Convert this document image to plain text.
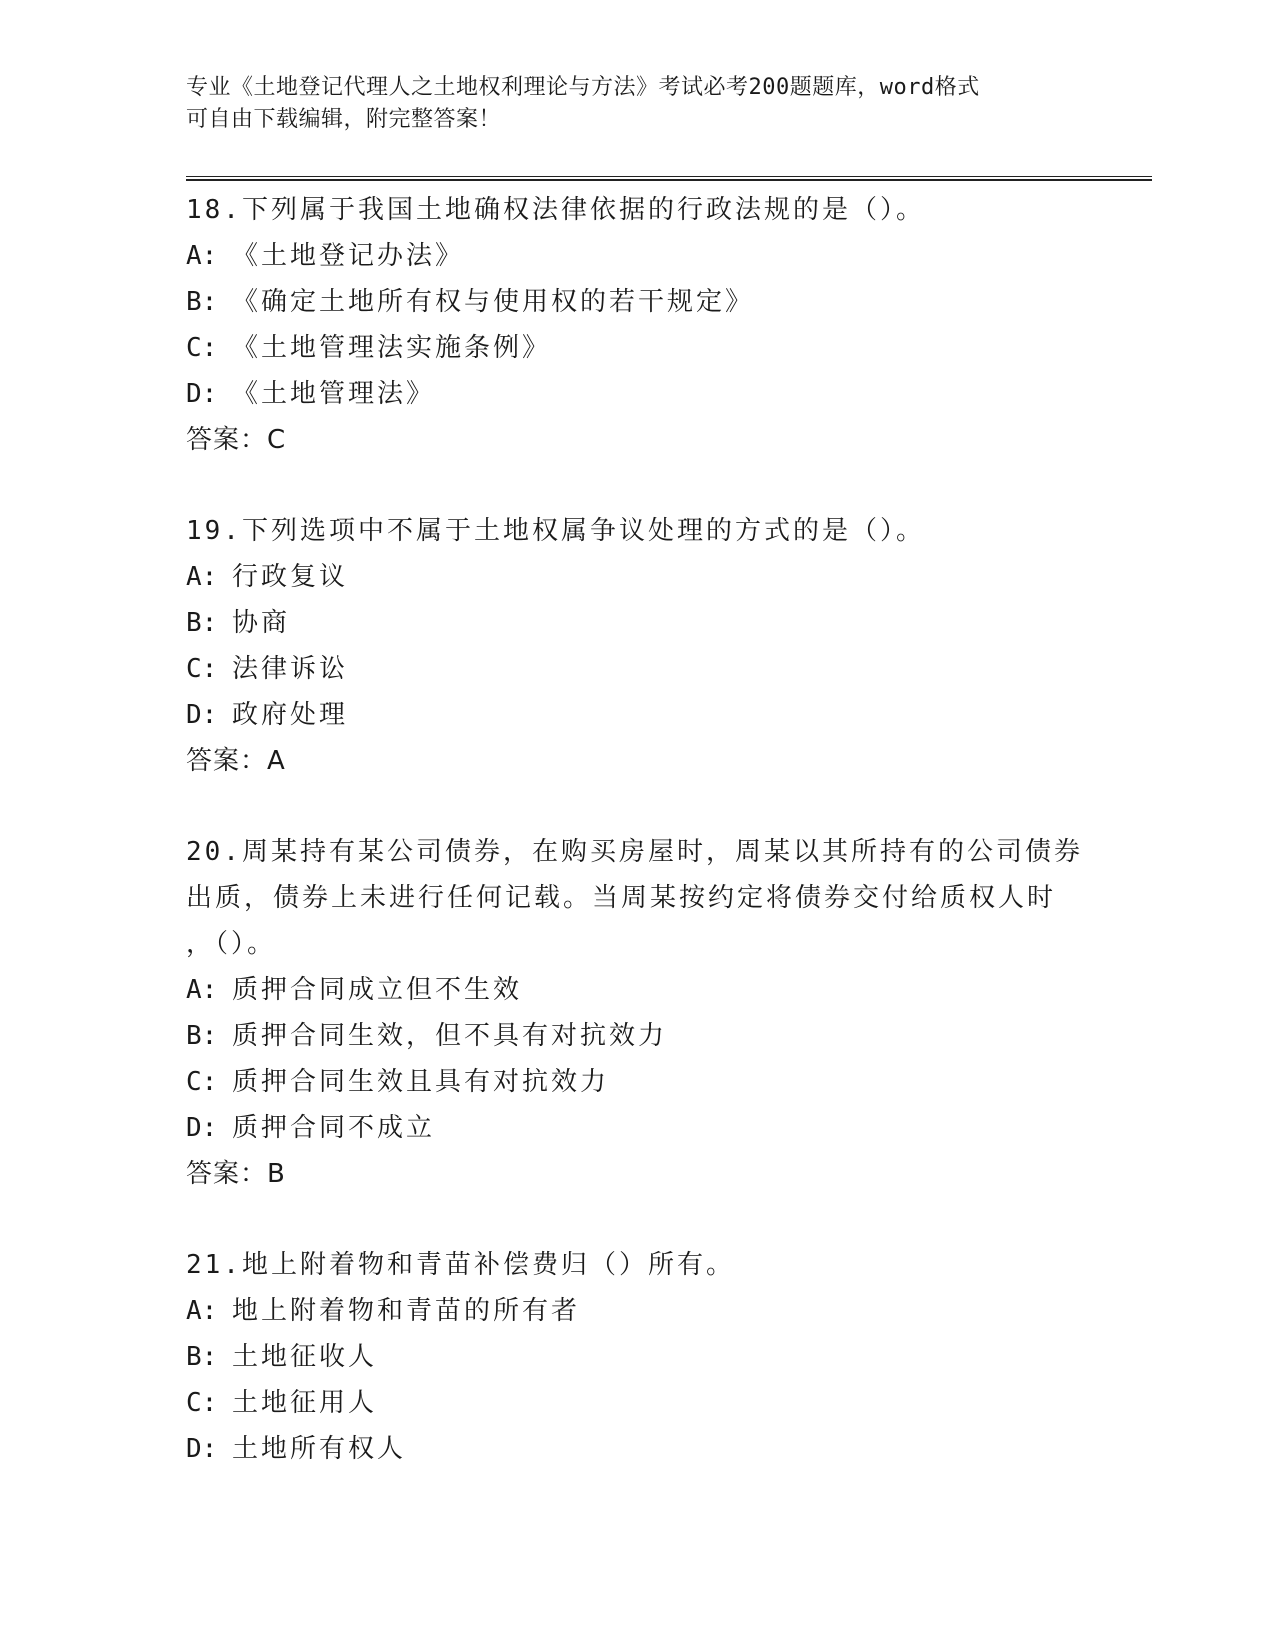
专业《土地登记代理人之土地权利理论与方法》考试必考200题题库，word格式
可自由下载编辑，附完整答案！
18.下列属于我国土地确权法律依据的行政法规的是（）。
A: 《土地登记办法》
B: 《确定土地所有权与使用权的若干规定》
C: 《土地管理法实施条例》
D: 《土地管理法》
答案：C
19.下列选项中不属于土地权属争议处理的方式的是（）。
A: 行政复议
B: 协商
C: 法律诉讼
D: 政府处理
答案：A
20.周某持有某公司债券，在购买房屋时，周某以其所持有的公司债券
出质，债券上未进行任何记载。当周某按约定将债券交付给质权人时
，（）。
A: 质押合同成立但不生效
B: 质押合同生效，但不具有对抗效力
C: 质押合同生效且具有对抗效力
D: 质押合同不成立
答案：B
21.地上附着物和青苗补偿费归（）所有。
A: 地上附着物和青苗的所有者
B: 土地征收人
C: 土地征用人
D: 土地所有权人
